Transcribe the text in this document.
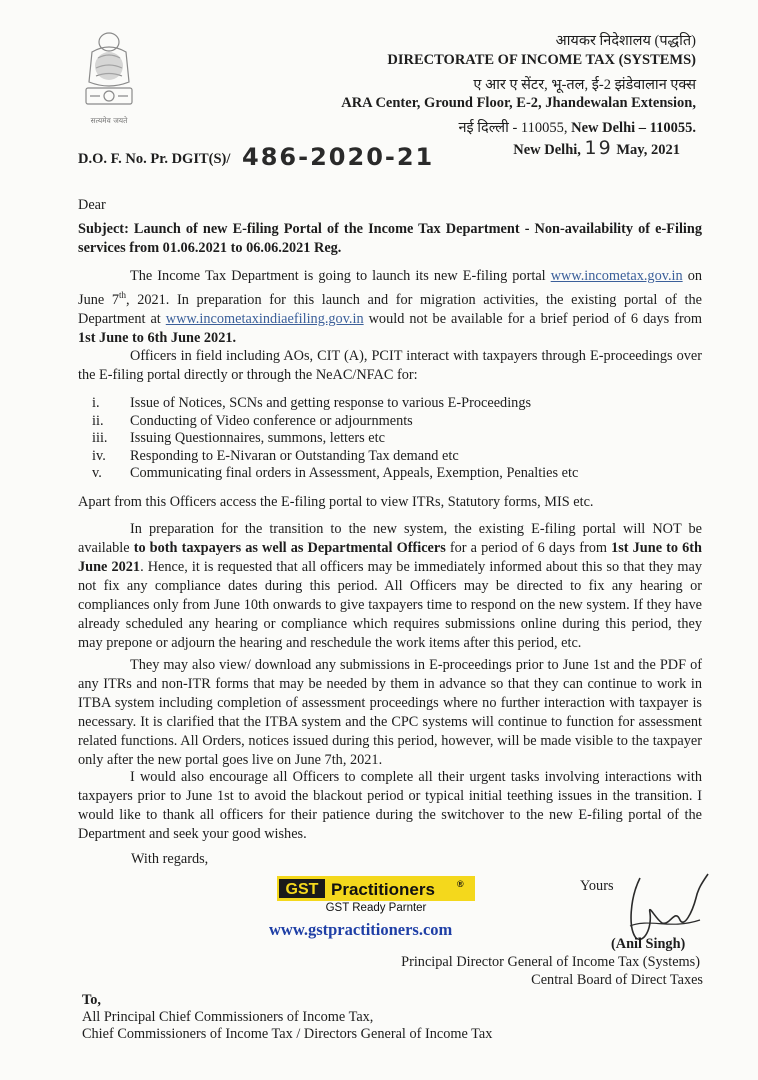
सत्यमेव जयते
आयकर निदेशालय (पद्धति)
DIRECTORATE OF INCOME TAX (SYSTEMS)
ए आर ए सेंटर, भू-तल, ई-2 झंडेवालान एक्स
ARA Center, Ground Floor, E-2, Jhandewalan Extension,
नई दिल्ली - 110055, New Delhi – 110055.
D.O. F. No. Pr. DGIT(S)/ 486-2020-21	New Delhi, 19 May, 2021
Dear
Subject: Launch of new E-filing Portal of the Income Tax Department - Non-availability of e-Filing services from 01.06.2021 to 06.06.2021 Reg.
The Income Tax Department is going to launch its new E-filing portal www.incometax.gov.in on June 7th, 2021. In preparation for this launch and for migration activities, the existing portal of the Department at www.incometaxindiaefiling.gov.in would not be available for a brief period of 6 days from 1st June to 6th June 2021.
Officers in field including AOs, CIT (A), PCIT interact with taxpayers through E-proceedings over the E-filing portal directly or through the NeAC/NFAC for:
i.	Issue of Notices, SCNs and getting response to various E-Proceedings
ii.	Conducting of Video conference or adjournments
iii.	Issuing Questionnaires, summons, letters etc
iv.	Responding to E-Nivaran or Outstanding Tax demand etc
v.	Communicating final orders in Assessment, Appeals, Exemption, Penalties etc
Apart from this Officers access the E-filing portal to view ITRs, Statutory forms, MIS etc.
In preparation for the transition to the new system, the existing E-filing portal will NOT be available to both taxpayers as well as Departmental Officers for a period of 6 days from 1st June to 6th June 2021. Hence, it is requested that all officers may be immediately informed about this so that they may not fix any compliance dates during this period. All Officers may be directed to fix any hearing or compliances only from June 10th onwards to give taxpayers time to respond on the new system. If they have already scheduled any hearing or compliance which requires submissions online during this period, they may prepone or adjourn the hearing and reschedule the work items after this period, etc.
They may also view/ download any submissions in E-proceedings prior to June 1st and the PDF of any ITRs and non-ITR forms that may be needed by them in advance so that they can continue to work in ITBA system including completion of assessment proceedings where no further interaction with taxpayer is necessary. It is clarified that the ITBA system and the CPC systems will continue to function for assessment related functions. All Orders, notices issued during this period, however, will be made visible to the taxpayer only after the new portal goes live on June 7th, 2021.
I would also encourage all Officers to complete all their urgent tasks involving interactions with taxpayers prior to June 1st to avoid the blackout period or typical initial teething issues in the transition. I would like to thank all officers for their patience during the switchover to the new E-filing portal of the Department and seek your good wishes.
With regards,
GST Practitioners ®
GST Ready Parnter
www.gstpractitioners.com
Yours
(Anil Singh)
Principal Director General of Income Tax (Systems)
Central Board of Direct Taxes
To,
All Principal Chief Commissioners of Income Tax,
Chief Commissioners of Income Tax / Directors General of Income Tax
